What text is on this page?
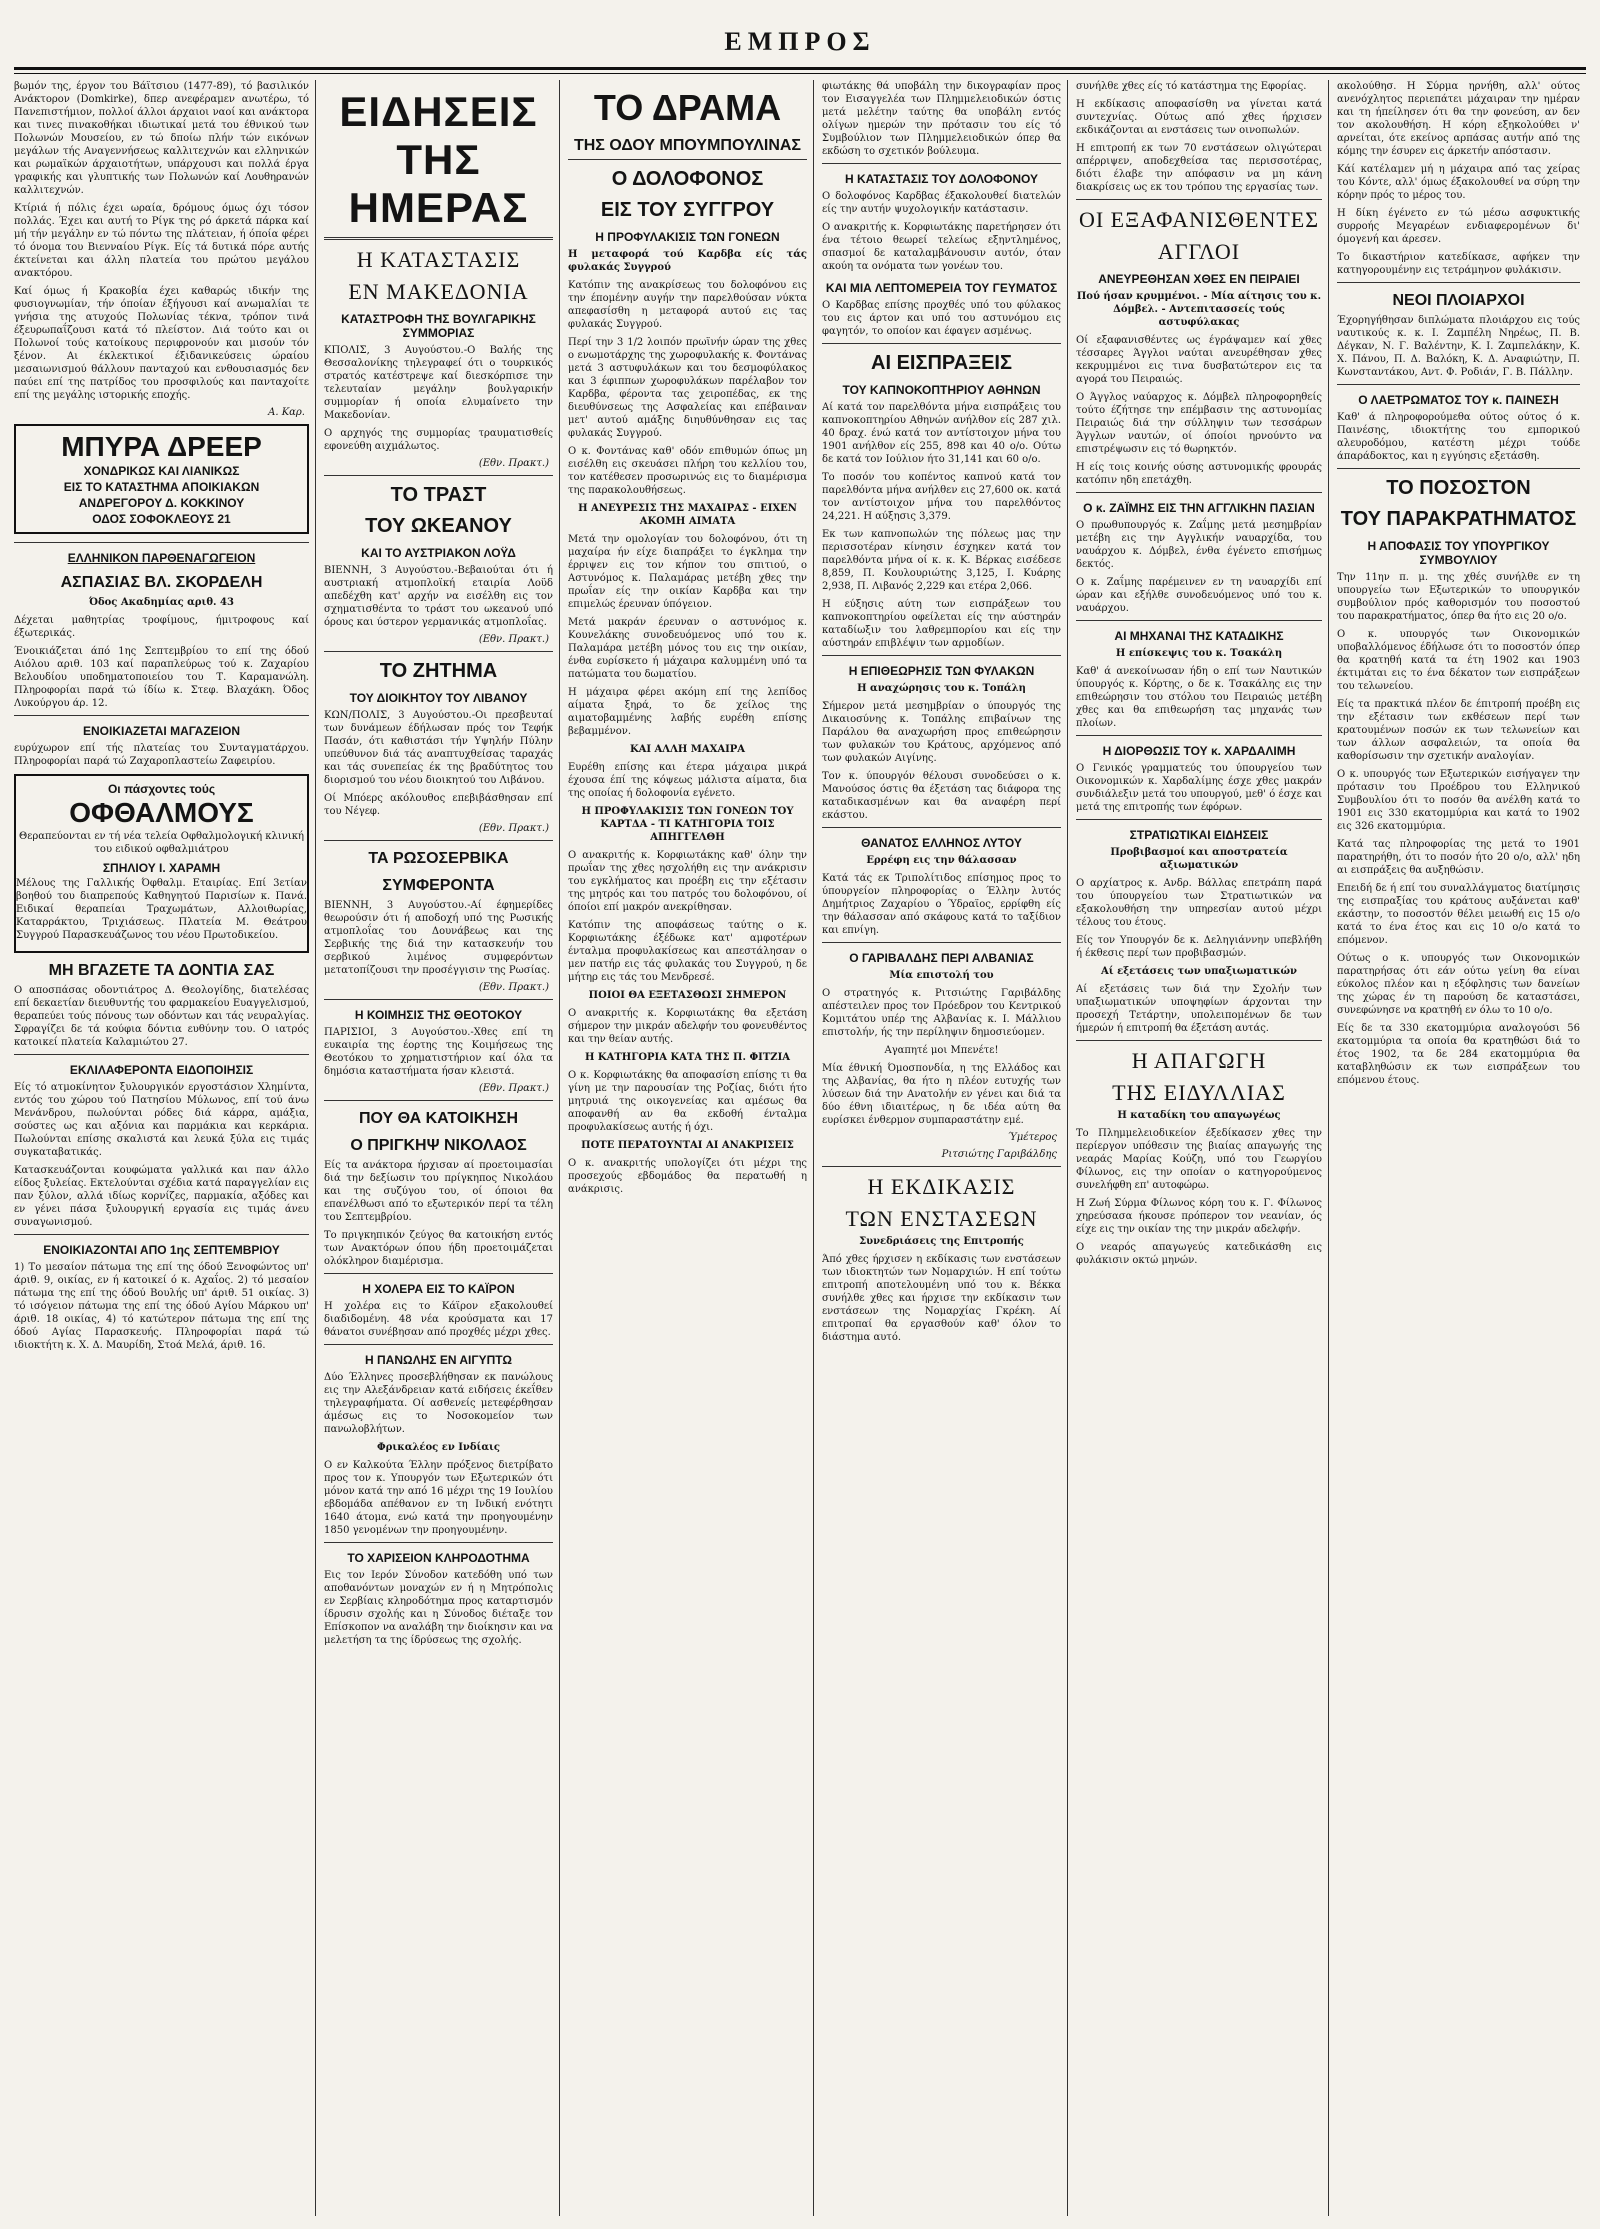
ΕΜΠΡΟΣ

βωμόν της, έργον του Βάϊτσιου (1477-89), τό βασιλικόν Ανάκτορον (Domkirke), δπερ ανεφέραμεν ανωτέρω, τό Πανεπιστήμιον, πολλοί άλλοι άρχαιοι ναοί και ανάκτορα και τινες πινακοθήκαι ιδιωτικαί μετά του έθνικού των Πολωνών Μουσείου, εν τώ δποίω πλήν τών εικόνων μεγάλων τής Αναγεννήσεως καλλιτεχνών και ελληνικών και ρωμαϊκών άρχαιοτήτων, υπάρχουσι και πολλά έργα γραφικής και γλυπτικής των Πολωνών καί Λουθηρανών καλλιτεχνών.

Κτίριά ή πόλις έχει ωραία, δρόμους όμως όχι τόσον πολλάς. Έχει και αυτή το Ρίγκ της ρό άρκετά πάρκα καί μή τήν μεγάλην εν τώ πόντω της πλάτειαν, ή όποία φέρει τό όνομα του Βιενναίου Ρίγκ. Είς τά δυτικά πόρε αυτής έκτείνεται και άλλη πλατεία του πρώτου μεγάλου ανακτόρου.

Καί όμως ή Κρακοβία έχει καθαρώς ιδικήν της φυσιογνωμίαν, τήν όποίαν έξήγουσι καί ανωμαλίαι τε γνήσια της ατυχούς Πολωνίας τέκνα, τρόπον τινά έξευρωπαΐζουσι κατά τό πλείστον. Διά τούτο και οι Πολωνοί τούς κατοίκους περιφρονούν και μισούν τόν ξένον. Αι έκλεκτικοί έξιδανικεύσεις ώραίου μεσαιωνισμού θάλλουν πανταχού και ενθουσιασμός δεν παύει επί της πατρίδος του προσφιλούς και πανταχοίτε επί της μεγάλης ιστορικής εποχής.

Α. Καρ.
ΜΠΥΡΑ ΔΡΕΕΡ
ΧΟΝΔΡΙΚΩΣ ΚΑΙ ΛΙΑΝΙΚΩΣ
ΕΙΣ ΤΟ ΚΑΤΑΣΤΗΜΑ ΑΠΟΙΚΙΑΚΩΝ
ΑΝΔΡΕΓΟΡΟΥ Δ. ΚΟΚΚΙΝΟΥ
ΟΔΟΣ ΣΟΦΟΚΛΕΟΥΣ 21
ΕΛΛΗΝΙΚΟΝ ΠΑΡΘΕΝΑΓΩΓΕΙΟΝ
ΑΣΠΑΣΙΑΣ ΒΛ. ΣΚΟΡΔΕΛΗ

Όδος Ακαδημίας αριθ. 43

Δέχεται μαθητρίας τροφίμους, ήμιτροφους καί έξωτερικάς.

Ένοικιάζεται άπό 1ης Σεπτεμβρίου το επί της όδού Αιόλου αριθ. 103 καί παραπλεύρως τού κ. Ζαχαρίου Βελουδίου υποδηματοποιείου του Τ. Καραμανώλη. Πληροφορίαι παρά τώ ίδίω κ. Στεφ. Βλαχάκη. Όδος Λυκούργου άρ. 12.

ΕΝΟΙΚΙΑΖΕΤΑΙ ΜΑΓΑΖΕΙΟΝ

ευρύχωρον επί τής πλατείας του Συνταγματάρχου. Πληροφορίαι παρά τώ Ζαχαροπλαστείω Ζαφειρίου.

Οι πάσχοντες τούς
ΟΦΘΑΛΜΟΥΣ

Θεραπεύονται εν τή νέα τελεία Οφθαλμολογική κλινική του ειδικού οφθαλμιάτρου

ΣΠΗΛΙΟΥ Ι. ΧΑΡΑΜΗ

Μέλους της Γαλλικής Όφθαλμ. Εταιρίας. Επί 3ετίαν βοηθού του διαπρεπούς Καθηγητού Παρισίων κ. Πανά. Ειδικαί θεραπείαι Τραχωμάτων, Αλλοιθωρίας, Καταρράκτου, Τριχιάσεως. Πλατεία Μ. Θεάτρου Συγγρού Παρασκευάζωνος του νέου Πρωτοδικείου.

ΜΗ ΒΓΑΖΕΤΕ ΤΑ ΔΟΝΤΙΑ ΣΑΣ

Ο αποσπάσας οδοντιάτρος Δ. Θεολογίδης, διατελέσας επί δεκαετίαν διευθυντής του φαρμακείου Ευαγγελισμού, θεραπεύει τούς πόνους των οδόντων και τάς νευραλγίας. Σφραγίζει δε τά κούφια δόντια ευθύνην του. Ο ιατρός κατοικεί πλατεία Καλαμιώτου 27.

ΕΚΛΙΛΑΦΕΡΟΝΤΑ ΕΙΔΟΠΟΙΗΣΙΣ

Είς τό ατμοκίνητον ξυλουργικόν εργοστάσιον Χλημίντα, εντός του χώρου τού Πατησίου Μύλωνος, επί τού άνω Μενάνδρου, πωλούνται ρόδες διά κάρρα, αμάξια, σούστες ως και αξόνια και παρμάκια και κερκάρια. Πωλούνται επίσης σκαλιστά και λευκά ξύλα εις τιμάς συγκαταβατικάς.

Κατασκευάζονται κουφώματα γαλλικά και παν άλλο είδος ξυλείας. Εκτελούνται σχέδια κατά παραγγελίαν εις παν ξύλον, αλλά ιδίως κορνίζες, παρμακία, αξόδες και εν γένει πάσα ξυλουργική εργασία εις τιμάς άνευ συναγωνισμού.

ΕΝΟΙΚΙΑΖΟΝΤΑΙ ΑΠΟ 1ης ΣΕΠΤΕΜΒΡΙΟΥ

1) Το μεσαίον πάτωμα της επί της όδού Ξενοφώντος υπ' άριθ. 9, οικίας, εν ή κατοικεί ό κ. Αχαΐος. 2) τό μεσαίον πάτωμα της επί της όδού Βουλής υπ' άριθ. 51 οικίας. 3) τό ισόγειον πάτωμα της επί της όδού Αγίου Μάρκου υπ' άριθ. 18 οικίας, 4) τό κατώτερον πάτωμα της επί της όδού Αγίας Παρασκευής. Πληροφορίαι παρά τώ ιδιοκτήτη κ. Χ. Δ. Μαυρίδη, Στοά Μελά, άριθ. 16.

ΕΙΔΗΣΕΙΣ ΤΗΣ ΗΜΕΡΑΣ
Η ΚΑΤΑΣΤΑΣΙΣ
ΕΝ ΜΑΚΕΔΟΝΙΑ
ΚΑΤΑΣΤΡΟΦΗ ΤΗΣ ΒΟΥΛΓΑΡΙΚΗΣ ΣΥΜΜΟΡΙΑΣ

ΚΠΟΛΙΣ, 3 Αυγούστου.-Ο Βαλής της Θεσσαλονίκης τηλεγραφεί ότι ο τουρκικός στρατός κατέστρεψε καί διεσκόρπισε την τελευταίαν μεγάλην βουλγαρικήν συμμορίαν ή οποία ελυμαίνετο την Μακεδονίαν.

Ο αρχηγός της συμμορίας τραυματισθείς εφονεύθη αιχμάλωτος.

(Εθν. Πρακτ.)
ΤΟ ΤΡΑΣΤ
ΤΟΥ ΩΚΕΑΝΟΥ
ΚΑΙ ΤΟ ΑΥΣΤΡΙΑΚΟΝ ΛΟΫΔ

ΒΙΕΝΝΗ, 3 Αυγούστου.-Βεβαιούται ότι ή αυστριακή ατμοπλοϊκή εταιρία Λοϋδ απεδέχθη κατ' αρχήν να εισέλθη εις τον σχηματισθέντα το τράστ του ωκεανού υπό όρους και ύστερον γερμανικάς ατμοπλοΐας.

(Εθν. Πρακτ.)
ΤΟ ΖΗΤΗΜΑ
ΤΟΥ ΔΙΟΙΚΗΤΟΥ ΤΟΥ ΛΙΒΑΝΟΥ

ΚΩΝ/ΠΟΛΙΣ, 3 Αυγούστου.-Οι πρεσβευταί των δυνάμεων έδήλωσαν πρός τον Τεφήκ Πασάν, ότι καθιστάσι τήν Υψηλήν Πύλην υπεύθυνον διά τάς αναπτυχθείσας ταραχάς και τάς συνεπείας έκ της βραδύτητος του διορισμού του νέου διοικητού του Λιβάνου.

Οί Μπόερς ακόλουθος επεβιβάσθησαν επί του Νέγεφ.

(Εθν. Πρακτ.)
ΤΑ ΡΩΣΟΣΕΡΒΙΚΑ
ΣΥΜΦΕΡΟΝΤΑ

ΒΙΕΝΝΗ, 3 Αυγούστου.-Αί έφημερίδες θεωρούσιν ότι ή αποδοχή υπό της Ρωσικής ατμοπλοΐας του Δουνάβεως και της Σερβικής της διά την κατασκευήν του σερβικού λιμένος συμφερόντων μετατοπίζουσι την προσέγγισιν της Ρωσίας.

(Εθν. Πρακτ.)
Η ΚΟΙΜΗΣΙΣ ΤΗΣ ΘΕΟΤΟΚΟΥ

ΠΑΡΙΣΙΟΙ, 3 Αυγούστου.-Χθες επί τη ευκαιρία της έορτης της Κοιμήσεως της Θεοτόκου το χρηματιστήριον καί όλα τα δημόσια καταστήματα ήσαν κλειστά.

(Εθν. Πρακτ.)
ΠΟΥ ΘΑ ΚΑΤΟΙΚΗΣΗ
Ο ΠΡΙΓΚΗΨ ΝΙΚΟΛΑΟΣ

Είς τα ανάκτορα ήρχισαν αί προετοιμασίαι διά την δεξίωσιν του πρίγκηπος Νικολάου και της συζύγου του, οί όποιοι θα επανέλθωσι από το εξωτερικόν περί τα τέλη του Σεπτεμβρίου.

Το πριγκηπικόν ζεύγος θα κατοικήση εντός των Ανακτόρων όπου ήδη προετοιμάζεται ολόκληρον διαμέρισμα.

Η ΧΟΛΕΡΑ ΕΙΣ ΤΟ ΚΑΪΡΟΝ

Η χολέρα εις το Κάϊρον εξακολουθεί διαδιδομένη. 48 νέα κρούσματα και 17 θάνατοι συνέβησαν από προχθές μέχρι χθες.

Η ΠΑΝΩΛΗΣ ΕΝ ΑΙΓΥΠΤΩ

Δύο Έλληνες προσεβλήθησαν εκ πανώλους εις την Αλεξάνδρειαν κατά ειδήσεις έκεΐθεν τηλεγραφήματα. Οί ασθενείς μετεφέρθησαν άμέσως εις το Νοσοκομείον των πανωλοβλήτων.

Φρικαλέος εν Ινδίαις

Ο εν Καλκούτα Έλλην πρόξενος διετρίβατο προς τον κ. Υπουργόν των Εξωτερικών ότι μόνον κατά την από 16 μέχρι της 19 Ιουλίου εβδομάδα απέθανον εν τη Ινδική ενότητι 1640 άτομα, ενώ κατά την προηγουμένην 1850 γενομένων την προηγουμένην.

ΤΟ ΧΑΡΙΣΕΙΟΝ ΚΛΗΡΟΔΟΤΗΜΑ

Εις τον Ιερόν Σύνοδον κατεδόθη υπό των αποθανόντων μοναχών εν ή η Μητρόπολις εν Σερβίαις κληροδότημα προς καταρτισμόν ίδρυσιν σχολής και η Σύνοδος διέταξε τον Επίσκοπον να αναλάβη την διοίκησιν και να μελετήση τα της ίδρύσεως της σχολής.

ΤΟ ΔΡΑΜΑ
ΤΗΣ ΟΔΟΥ ΜΠΟΥΜΠΟΥΛΙΝΑΣ
Ο ΔΟΛΟΦΟΝΟΣ
ΕΙΣ ΤΟΥ ΣΥΓΓΡΟΥ
Η ΠΡΟΦΥΛΑΚΙΣΙΣ ΤΩΝ ΓΟΝΕΩΝ

Η μεταφορά τού Καρδβα είς τάς φυλακάς Συγγρού

Κατόπιν της ανακρίσεως του δολοφόνου εις την έπομένην αυγήν την παρελθούσαν νύκτα απεφασίσθη η μεταφορά αυτού εις τας φυλακάς Συγγρού.

Περί την 3 1/2 λοιπόν πρωϊνήν ώραν της χθες ο ενωμοτάρχης της χωροφυλακής κ. Φοντάνας μετά 3 αστυφυλάκων και του δεσμοφύλακος και 3 έφιππων χωροφυλάκων παρέλαβον τον Καρδβα, φέροντα τας χειροπέδας, εκ της διευθύνσεως της Ασφαλείας και επέβαιναν μετ' αυτού αμάξης διηυθύνθησαν εις τας φυλακάς Συγγρού.

Ο κ. Φοντάνας καθ' οδόν επιθυμών όπως μη εισέλθη εις σκευάσει πλήρη του κελλίου του, τον κατέθεσεν προσωρινώς εις το διαμέρισμα της παρακολουθήσεως.

Η ΑΝΕΥΡΕΣΙΣ ΤΗΣ ΜΑΧΑΙΡΑΣ - ΕΙΧΕΝ ΑΚΟΜΗ ΑΙΜΑΤΑ

Μετά την ομολογίαν του δολοφόνου, ότι τη μαχαίρα ήν είχε διαπράξει το έγκλημα την έρριψεν εις τον κήπον του σπιτιού, ο Αστυνόμος κ. Παλαμάρας μετέβη χθες την πρωΐαν είς την οικίαν Καρδβα και την επιμελώς έρευναν ύπόγειον.

Μετά μακράν έρευναν ο αστυνόμος κ. Κουνελάκης συνοδευόμενος υπό του κ. Παλαμάρα μετέβη μόνος του εις την οικίαν, ένθα ευρίσκετο ή μάχαιρα καλυμμένη υπό τα πατώματα του δωματίου.

Η μάχαιρα φέρει ακόμη επί της λεπίδος αίματα ξηρά, το δε χείλος της αιματοβαμμένης λαβής ευρέθη επίσης βεβαμμένον.

ΚΑΙ ΑΛΛΗ ΜΑΧΑΙΡΑ

Ευρέθη επίσης και έτερα μάχαιρα μικρά έχουσα έπί της κόψεως μάλιστα αίματα, δια της οποίας ή δολοφονία εγένετο.

Η ΠΡΟΦΥΛΑΚΙΣΙΣ ΤΩΝ ΓΟΝΕΩΝ ΤΟΥ ΚΑΡΤΔΑ - ΤΙ ΚΑΤΗΓΟΡΙΑ ΤΟΙΣ ΑΠΗΓΓΕΛΘΗ

Ο ανακριτής κ. Κορφιωτάκης καθ' όλην την πρωΐαν της χθες ησχολήθη εις την ανάκρισιν του εγκλήματος και προέβη εις την εξέτασιν της μητρός και του πατρός του δολοφόνου, οί όποίοι επί μακρόν ανεκρίθησαν.

Κατόπιν της αποφάσεως ταύτης ο κ. Κορφιωτάκης έξέδωκε κατ' αμφοτέρων ένταλμα προφυλακίσεως και απεστάλησαν ο μεν πατήρ εις τάς φυλακάς του Συγγρού, η δε μήτηρ εις τάς του Μενδρεσέ.

ΠΟΙΟΙ ΘΑ ΕΞΕΤΑΣΘΩΣΙ ΣΗΜΕΡΟΝ

Ο ανακριτής κ. Κορφιωτάκης θα εξετάση σήμερον την μικράν αδελφήν του φονευθέντος και την θείαν αυτής.

Η ΚΑΤΗΓΟΡΙΑ ΚΑΤΑ ΤΗΣ Π. ΦΙΤΖΙΑ

Ο κ. Κορφιωτάκης θα αποφασίση επίσης τι θα γίνη με την παρουσίαν της Ροζίας, διότι ήτο μητρυιά της οικογενείας και αμέσως θα αποφανθή αν θα εκδοθή ένταλμα προφυλακίσεως αυτής ή όχι.

ΠΟΤΕ ΠΕΡΑΤΟΥΝΤΑΙ ΑΙ ΑΝΑΚΡΙΣΕΙΣ

Ο κ. ανακριτής υπολογίζει ότι μέχρι της προσεχούς εβδομάδος θα περατωθή η ανάκρισις.

φιωτάκης θά υποβάλη την δικογραφίαν προς τον Εισαγγελέα των Πλημμελειοδικών όστις μετά μελέτην ταύτης θα υποβάλη εντός ολίγων ημερών την πρότασιν του είς τό Συμβούλιον των Πλημμελειοδικών όπερ θα εκδώση το σχετικόν βούλευμα.

Η ΚΑΤΑΣΤΑΣΙΣ ΤΟΥ ΔΟΛΟΦΟΝΟΥ

Ο δολοφόνος Καρδβας έξακολουθεί διατελών είς την αυτήν ψυχολογικήν κατάστασιν.

Ο ανακριτής κ. Κορφιωτάκης παρετήρησεν ότι ένα τέτοιο θεωρεί τελείως εξηντλημένος, σπασμοί δε καταλαμβάνουσιν αυτόν, όταν ακούη τα ονόματα των γονέων του.

ΚΑΙ ΜΙΑ ΛΕΠΤΟΜΕΡΕΙΑ ΤΟΥ ΓΕΥΜΑΤΟΣ

Ο Καρδβας επίσης προχθές υπό του φύλακος του εις άρτον και υπό του αστυνόμου εις φαγητόν, το οποίον και έφαγεν ασμένως.

ΑΙ ΕΙΣΠΡΑΞΕΙΣ
ΤΟΥ ΚΑΠΝΟΚΟΠΤΗΡΙΟΥ ΑΘΗΝΩΝ

Αί κατά τον παρελθόντα μήνα εισπράξεις του καπνοκοπτηρίου Αθηνών ανήλθον είς 287 χιλ. 40 δραχ. ένώ κατά τον αντίστοιχον μήνα του 1901 ανήλθον είς 255, 898 και 40 ο/ο. Ούτω δε κατά τον Ιούλιον ήτο 31,141 και 60 ο/ο.

Το ποσόν του κοπέντος καπνού κατά τον παρελθόντα μήνα ανήλθεν εις 27,600 οκ. κατά τον αντίστοιχον μήνα του παρελθόντος 24,221. Η αύξησις 3,379.

Εκ των καπνοπωλών της πόλεως μας την περισσοτέραν κίνησιν έσχηκεν κατά τον παρελθόντα μήνα οί κ. κ. Κ. Βέρκας εισέδεσε 8,859, Π. Κουλουριώτης 3,125, Ι. Κυάρης 2,938, Π. Λιβανός 2,229 και ετέρα 2,066.

Η εύξησις αύτη των εισπράξεων του καπνοκοπτηρίου οφείλεται είς την αύστηράν καταδίωξιν του λαθρεμπορίου και είς την αύστηράν επιβλέψιν των αρμοδίων.

Η ΕΠΙΘΕΩΡΗΣΙΣ ΤΩΝ ΦΥΛΑΚΩΝ

Η αναχώρησις του κ. Τοπάλη

Σήμερον μετά μεσημβρίαν ο ύπουργός της Δικαιοσύνης κ. Τοπάλης επιβαίνων της Παράλου θα αναχωρήση προς επιθεώρησιν των φυλακών του Κράτους, αρχόμενος από των φυλακών Αιγίνης.

Τον κ. ύπουργόν θέλουσι συνοδεύσει ο κ. Μανούσος όστις θα έξετάση τας διάφορα της καταδικασμένων και θα αναφέρη περί εκάστου.

ΘΑΝΑΤΟΣ ΕΛΛΗΝΟΣ ΛΥΤΟΥ

Ερρέφη εις την θάλασσαν

Κατά τάς εκ Τριπολίτιδος επίσημος προς το ύπουργείον πληροφορίας ο Έλλην λυτός Δημήτριος Ζαχαρίου ο Ύδραϊος, ερρίφθη είς την θάλασσαν από σκάφους κατά το ταξίδιον και επνίγη.

Ο ΓΑΡΙΒΑΛΔΗΣ ΠΕΡΙ ΑΛΒΑΝΙΑΣ

Μία επιστολή του

Ο στρατηγός κ. Ριτσιώτης Γαριβάλδης απέστειλεν προς τον Πρόεδρον του Κεντρικού Κομιτάτου υπέρ της Αλβανίας κ. Ι. Μάλλιου επιστολήν, ής την περίληψιν δημοσιεύομεν.

Αγαπητέ μοι Μπενέτε!

Μία έθνική Όμοσπονδία, η της Ελλάδος και της Αλβανίας, θα ήτο η πλέον ευτυχής των λύσεων διά την Ανατολήν εν γένει και διά τα δύο έθνη ιδιαιτέρως, η δε ιδέα αύτη θα ευρίσκει ένθερμον συμπαραστάτην εμέ.

Ύμέτερος
Ριτσιώτης Γαριβάλδης
Η ΕΚΔΙΚΑΣΙΣ
ΤΩΝ ΕΝΣΤΑΣΕΩΝ

Συνεδριάσεις της Επιτροπής

Άπό χθες ήρχισεν η εκδίκασις των ενστάσεων των ιδιοκτητών των Νομαρχιών. Η επί τούτω επιτροπή αποτελουμένη υπό του κ. Βέκκα συνήλθε χθες και ήρχισε την εκδίκασιν των ενστάσεων της Νομαρχίας Γκρέκη. Αί επιτροπαί θα εργασθούν καθ' όλον το διάστημα αυτό.

συνήλθε χθες είς τό κατάστημα της Εφορίας.

Η εκδίκασις αποφασίσθη να γίνεται κατά συντεχνίας. Ούτως από χθες ήρχισεν εκδικάζονται αι ενστάσεις των οινοπωλών.

Η επιτροπή εκ των 70 ενστάσεων ολιγώτεραι απέρριψεν, αποδεχθείσα τας περισσοτέρας, διότι έλαβε την απόφασιν να μη κάνη διακρίσεις ως εκ του τρόπου της εργασίας των.

ΟΙ ΕΞΑΦΑΝΙΣΘΕΝΤΕΣ
ΑΓΓΛΟΙ
ΑΝΕΥΡΕΘΗΣΑΝ ΧΘΕΣ ΕΝ ΠΕΙΡΑΙΕΙ

Πού ήσαν κρυμμένοι. - Μία αίτησις του κ. Δόμβελ. - Αντεπιτασσείς τούς αστυφύλακας

Οί εξαφανισθέντες ως έγράψαμεν καί χθες τέσσαρες Άγγλοι ναύται ανευρέθησαν χθες κεκρυμμένοι εις τινα δυσβατώτερον εις τα αγορά του Πειραιώς.

Ο Άγγλος ναύαρχος κ. Δόμβελ πληροφορηθείς τούτο έζήτησε την επέμβασιν της αστυνομίας Πειραιώς διά την σύλληψιν των τεσσάρων Άγγλων ναυτών, οί όποίοι ηρνούντο να επιστρέψωσιν εις τό θωρηκτόν.

Η είς τοις κοινής ούσης αστυνομικής φρουράς κατόπιν ηδη επετάχθη.

Ο κ. ΖΑΪΜΗΣ ΕΙΣ ΤΗΝ ΑΓΓΛΙΚΗΝ ΠΑΣΙΑΝ

Ο πρωθυπουργός κ. Ζαΐμης μετά μεσημβρίαν μετέβη εις την Αγγλικήν ναυαρχίδα, του ναυάρχου κ. Δόμβελ, ένθα έγένετο επισήμως δεκτός.

Ο κ. Ζαΐμης παρέμεινεν εν τη ναυαρχίδι επί ώραν και εξήλθε συνοδευόμενος υπό του κ. ναυάρχου.

ΑΙ ΜΗΧΑΝΑΙ ΤΗΣ ΚΑΤΑΔΙΚΗΣ

Η επίσκεψις του κ. Τσακάλη

Καθ' ά ανεκοίνωσαν ήδη ο επί των Ναυτικών ύπουργός κ. Κόρτης, ο δε κ. Τσακάλης εις την επιθεώρησιν του στόλου του Πειραιώς μετέβη χθες και θα επιθεωρήση τας μηχανάς των πλοίων.

Η ΔΙΟΡΘΩΣΙΣ ΤΟΥ κ. ΧΑΡΔΑΛΙΜΗ

Ο Γενικός γραμματεύς του ύπουργείου των Οικονομικών κ. Χαρδαλίμης έσχε χθες μακράν συνδιάλεξιν μετά του υπουργού, μεθ' ό έσχε και μετά της επιτροπής των έφόρων.

ΣΤΡΑΤΙΩΤΙΚΑΙ ΕΙΔΗΣΕΙΣ

Προβιβασμοί και αποστρατεία αξιωματικών

Ο αρχίατρος κ. Ανδρ. Βάλλας επετράπη παρά του ύπουργείου των Στρατιωτικών να εξακολουθήση την υπηρεσίαν αυτού μέχρι τέλους του έτους.

Είς τον Υπουργόν δε κ. Δεληγιάννην υπεβλήθη ή έκθεσις περί των προβιβασμών.

Αί εξετάσεις των υπαξιωματικών

Αί εξετάσεις των διά την Σχολήν των υπαξιωματικών υποψηφίων άρχονται την προσεχή Τετάρτην, υπολειπομένων δε των ήμερών ή επιτροπή θα έξετάση αυτάς.

Η ΑΠΑΓΩΓΗ
ΤΗΣ ΕΙΔΥΛΛΙΑΣ

Η καταδίκη του απαγωγέως

Το Πλημμελειοδικείον έξεδίκασεν χθες την περίεργον υπόθεσιν της βιαίας απαγωγής της νεαράς Μαρίας Κούζη, υπό του Γεωργίου Φίλωνος, εις την οποίαν ο κατηγορούμενος συνελήφθη επ' αυτοφώρω.

Η Ζωή Σύρμα Φίλωνος κόρη του κ. Γ. Φίλωνος χηρεύσασα ήκουσε πρόπερον τον νεανίαν, ός είχε εις την οικίαν της την μικράν αδελφήν.

Ο νεαρός απαγωγεύς κατεδικάσθη εις φυλάκισιν οκτώ μηνών.

ακολούθησ. Η Σύρμα ηρνήθη, αλλ' ούτος ανενόχλητος περιεπάτει μάχαιραν την ημέραν και τη ήπείλησεν ότι θα την φονεύση, αν δεν τον ακολουθήση. Η κόρη εξηκολούθει ν' αρνείται, ότε εκείνος αρπάσας αυτήν από της κόμης την έσυρεν εις άρκετήν απόστασιν.

Κάί κατέλαμεν μή η μάχαιρα από τας χείρας του Κόντε, αλλ' όμως έξακολουθεί να σύρη την κόρην πρός το μέρος του.

Η δίκη έγένετο εν τώ μέσω ασφυκτικής συρροής Μεγαρέων ενδιαφερομένων δι' όμογενή και άρεσεν.

Το δικαστήριον κατεδίκασε, αφήκεν την κατηγορουμένην εις τετράμηνον φυλάκισιν.

ΝΕΟΙ ΠΛΟΙΑΡΧΟΙ

Έχορηγήθησαν διπλώματα πλοιάρχου εις τούς ναυτικούς κ. κ. Ι. Ζαμπέλη Νηρέως, Π. Β. Δέγκαν, Ν. Γ. Βαλέντην, Κ. Ι. Ζαμπελάκην, Κ. Χ. Πάνου, Π. Δ. Βαλόκη, Κ. Δ. Αναφιώτην, Π. Κωνσταντάκου, Αντ. Φ. Ροδιάν, Γ. Β. Πάλλην.

Ο ΛΑΕΤΡΩΜΑΤΟΣ ΤΟΥ κ. ΠΑΙΝΕΣΗ

Καθ' ά πληροφορούμεθα ούτος ούτος ό κ. Παινέσης, ιδιοκτήτης του εμπορικού αλευροδόμου, κατέστη μέχρι τούδε άπαράδοκτος, και η εγγύησις εξετάσθη.

ΤΟ ΠΟΣΟΣΤΟΝ
ΤΟΥ ΠΑΡΑΚΡΑΤΗΜΑΤΟΣ
Η ΑΠΟΦΑΣΙΣ ΤΟΥ ΥΠΟΥΡΓΙΚΟΥ ΣΥΜΒΟΥΛΙΟΥ

Την 11ην π. μ. της χθές συνήλθε εν τη υπουργείω των Εξωτερικών το υπουργικόν συμβούλιον πρός καθορισμόν του ποσοστού του παρακρατήματος, όπερ θα ήτο εις 20 ο/ο.

Ο κ. υπουργός των Οικονομικών υποβαλλόμενος έδήλωσε ότι το ποσοστόν όπερ θα κρατηθή κατά τα έτη 1902 και 1903 έκτιμάται εις το ένα δέκατον των εισπράξεων του τελωνείου.

Είς τα πρακτικά πλέον δε έπιτροπή προέβη εις την εξέτασιν των εκθέσεων περί των κρατουμένων ποσών εκ των τελωνείων και των άλλων ασφαλειών, τα οποία θα καθορίσωσιν την σχετικήν αναλογίαν.

Ο κ. υπουργός των Εξωτερικών εισήγαγεν την πρότασιν του Προέδρου του Ελληνικού Συμβουλίου ότι το ποσόν θα ανέλθη κατά το 1901 εις 330 εκατομμύρια και κατά το 1902 εις 326 εκατομμύρια.

Κατά τας πληροφορίας της μετά το 1901 παρατηρήθη, ότι το ποσόν ήτο 20 ο/ο, αλλ' ηδη αι εισπράξεις θα αυξηθώσιν.

Επειδή δε ή επί του συναλλάγματος διατίμησις της εισπραξίας του κράτους αυξάνεται καθ' εκάστην, το ποσοστόν θέλει μειωθή εις 15 ο/ο κατά το ένα έτος και εις 10 ο/ο κατά το επόμενον.

Ούτως ο κ. υπουργός των Οικονομικών παρατηρήσας ότι εάν ούτω γείνη θα είναι εύκολος πλέον και η εξόφλησις των δανείων της χώρας έν τη παρούση δε καταστάσει, συνεφώνησε να κρατηθή εν όλω το 10 ο/ο.

Είς δε τα 330 εκατομμύρια αναλογούσι 56 εκατομμύρια τα οποία θα κρατηθώσι διά το έτος 1902, τα δε 284 εκατομμύρια θα καταβληθώσιν εκ των εισπράξεων του επόμενου έτους.
